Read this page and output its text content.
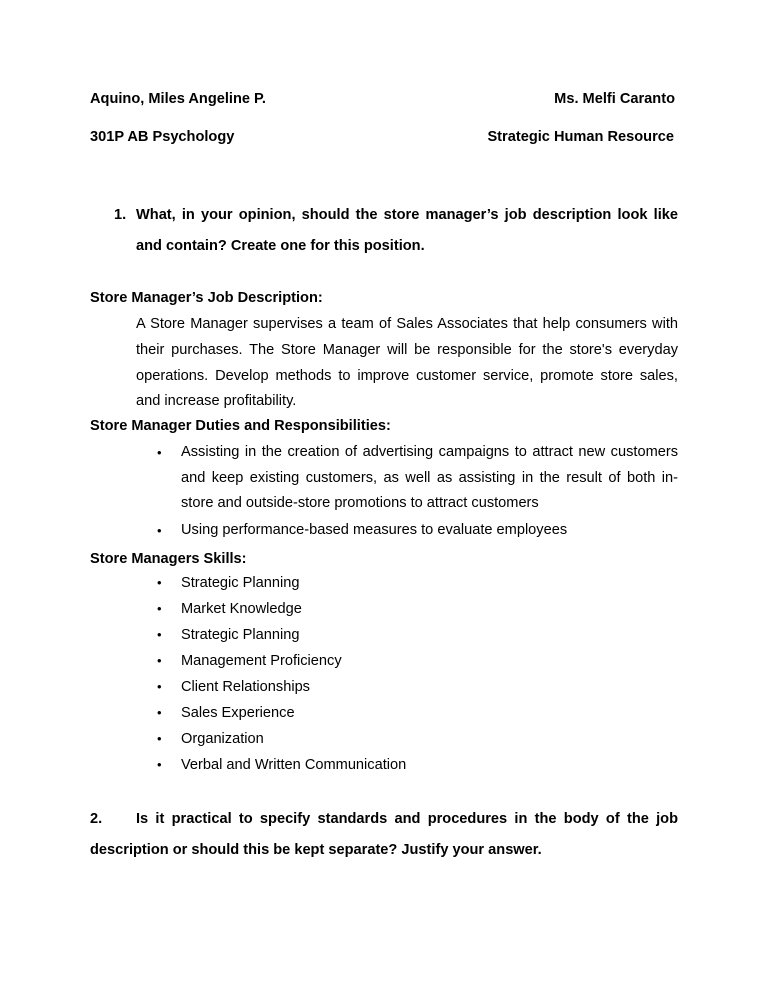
Aquino, Miles Angeline P.	Ms. Melfi Caranto
301P AB Psychology	Strategic Human Resource
1. What, in your opinion, should the store manager’s job description look like and contain? Create one for this position.
Store Manager’s Job Description:
A Store Manager supervises a team of Sales Associates that help consumers with their purchases. The Store Manager will be responsible for the store's everyday operations. Develop methods to improve customer service, promote store sales, and increase profitability.
Store Manager Duties and Responsibilities:
• Assisting in the creation of advertising campaigns to attract new customers and keep existing customers, as well as assisting in the result of both in-store and outside-store promotions to attract customers
• Using performance-based measures to evaluate employees
Store Managers Skills:
• Strategic Planning
• Market Knowledge
• Strategic Planning
• Management Proficiency
• Client Relationships
• Sales Experience
• Organization
• Verbal and Written Communication
2.	Is it practical to specify standards and procedures in the body of the job description or should this be kept separate? Justify your answer.
